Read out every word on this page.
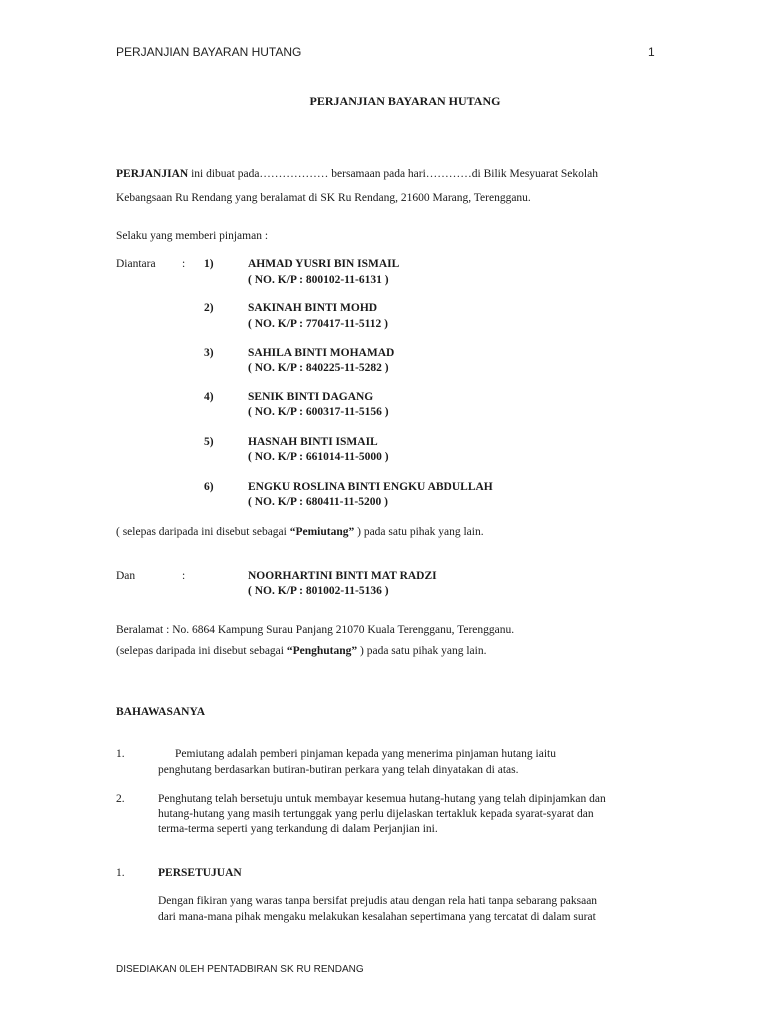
PERJANJIAN BAYARAN HUTANG	1
PERJANJIAN BAYARAN HUTANG
PERJANJIAN ini dibuat pada……………… bersamaan pada hari…………di Bilik Mesyuarat Sekolah
Kebangsaan Ru Rendang yang beralamat di SK Ru Rendang, 21600 Marang, Terengganu.
Selaku yang memberi pinjaman :
Diantara : 1)	AHMAD YUSRI BIN ISMAIL
( NO. K/P : 800102-11-6131 )
2)	SAKINAH BINTI MOHD
( NO. K/P : 770417-11-5112 )
3)	SAHILA BINTI MOHAMAD
( NO. K/P : 840225-11-5282 )
4)	SENIK BINTI DAGANG
( NO. K/P : 600317-11-5156 )
5)	HASNAH BINTI ISMAIL
( NO. K/P : 661014-11-5000 )
6)	ENGKU ROSLINA BINTI ENGKU ABDULLAH
( NO. K/P : 680411-11-5200 )
( selepas daripada ini disebut sebagai “Pemiutang” ) pada satu pihak yang lain.
Dan	:	NOORHARTINI BINTI MAT RADZI
( NO. K/P : 801002-11-5136 )
Beralamat : No. 6864 Kampung Surau Panjang 21070 Kuala Terengganu, Terengganu.
(selepas daripada ini disebut sebagai “Penghutang” ) pada satu pihak yang lain.
BAHAWASANYA
1.	Pemiutang adalah pemberi pinjaman kepada yang menerima pinjaman hutang iaitu
penghutang berdasarkan butiran-butiran perkara yang telah dinyatakan di atas.
2.	Penghutang telah bersetuju untuk membayar kesemua hutang-hutang yang telah dipinjamkan dan
hutang-hutang yang masih tertunggak yang perlu dijelaskan tertakluk kepada syarat-syarat dan
terma-terma seperti yang terkandung di dalam Perjanjian ini.
1.	PERSETUJUAN
Dengan fikiran yang waras tanpa bersifat prejudis atau dengan rela hati tanpa sebarang paksaan
dari mana-mana pihak mengaku melakukan kesalahan sepertimana yang tercatat di dalam surat
DISEDIAKAN 0LEH PENTADBIRAN SK RU RENDANG
